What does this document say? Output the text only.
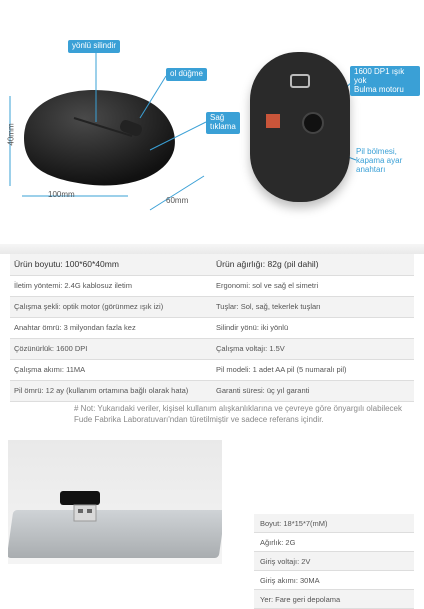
yönlü silindir
ol düğme
Sağ tıklama
40mm
100mm
60mm
1600 DP1 ışık yok
Bulma motoru
Pil bölmesi, kapama ayar anahtarı
Ürün boyutu: 100*60*40mm	Ürün ağırlığı: 82g (pil dahil)
İletim yöntemi: 2.4G kablosuz iletim	Ergonomi: sol ve sağ el simetri
Çalışma şekli: optik motor (görünmez ışık izi)	Tuşlar: Sol, sağ, tekerlek tuşları
Anahtar ömrü: 3 milyondan fazla kez	Silindir yönü: iki yönlü
Çözünürlük: 1600 DPI	Çalışma voltajı: 1.5V
Çalışma akımı: 11MA	Pil modeli: 1 adet AA pil (5 numaralı pil)
Pil ömrü: 12 ay (kullanım ortamına bağlı olarak hata)	Garanti süresi: üç yıl garanti
# Not: Yukarıdaki veriler, kişisel kullanım alışkanlıklarına ve çevreye göre önyargılı olabilecek Fude Fabrika Laboratuvarı'ndan türetilmiştir ve sadece referans içindir.
Boyut: 18*15*7(mM)
Ağırlık: 2G
Giriş voltajı: 2V
Giriş akımı: 30MA
Yer: Fare geri depolama
